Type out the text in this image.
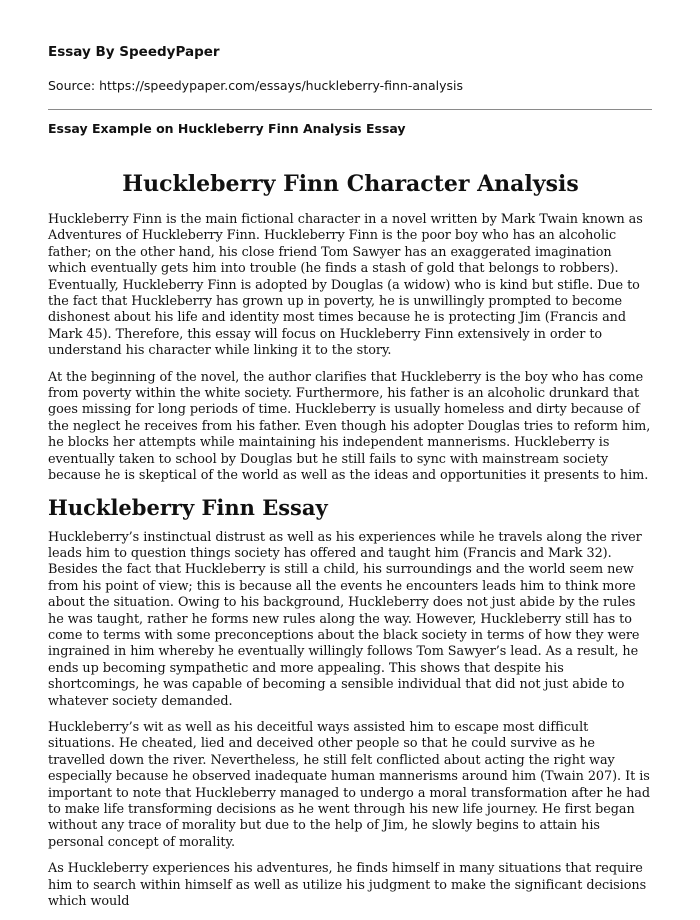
Essay By SpeedyPaper
Source: https://speedypaper.com/essays/huckleberry-finn-analysis
Essay Example on Huckleberry Finn Analysis Essay
Huckleberry Finn Character Analysis

Huckleberry Finn is the main fictional character in a novel written by Mark Twain known as Adventures of Huckleberry Finn. Huckleberry Finn is the poor boy who has an alcoholic father; on the other hand, his close friend Tom Sawyer has an exaggerated imagination which eventually gets him into trouble (he finds a stash of gold that belongs to robbers). Eventually, Huckleberry Finn is adopted by Douglas (a widow) who is kind but stifle. Due to the fact that Huckleberry has grown up in poverty, he is unwillingly prompted to become dishonest about his life and identity most times because he is protecting Jim (Francis and Mark 45). Therefore, this essay will focus on Huckleberry Finn extensively in order to understand his character while linking it to the story.

At the beginning of the novel, the author clarifies that Huckleberry is the boy who has come from poverty within the white society. Furthermore, his father is an alcoholic drunkard that goes missing for long periods of time. Huckleberry is usually homeless and dirty because of the neglect he receives from his father. Even though his adopter Douglas tries to reform him, he blocks her attempts while maintaining his independent mannerisms. Huckleberry is eventually taken to school by Douglas but he still fails to sync with mainstream society because he is skeptical of the world as well as the ideas and opportunities it presents to him.

Huckleberry Finn Essay

Huckleberry’s instinctual distrust as well as his experiences while he travels along the river leads him to question things society has offered and taught him (Francis and Mark 32). Besides the fact that Huckleberry is still a child, his surroundings and the world seem new from his point of view; this is because all the events he encounters leads him to think more about the situation. Owing to his background, Huckleberry does not just abide by the rules he was taught, rather he forms new rules along the way. However, Huckleberry still has to come to terms with some preconceptions about the black society in terms of how they were ingrained in him whereby he eventually willingly follows Tom Sawyer’s lead. As a result, he ends up becoming sympathetic and more appealing. This shows that despite his shortcomings, he was capable of becoming a sensible individual that did not just abide to whatever society demanded.

Huckleberry’s wit as well as his deceitful ways assisted him to escape most difficult situations. He cheated, lied and deceived other people so that he could survive as he travelled down the river. Nevertheless, he still felt conflicted about acting the right way especially because he observed inadequate human mannerisms around him (Twain 207). It is important to note that Huckleberry managed to undergo a moral transformation after he had to make life transforming decisions as he went through his new life journey. He first began without any trace of morality but due to the help of Jim, he slowly begins to attain his personal concept of morality.

As Huckleberry experiences his adventures, he finds himself in many situations that require him to search within himself as well as utilize his judgment to make the significant decisions which would
